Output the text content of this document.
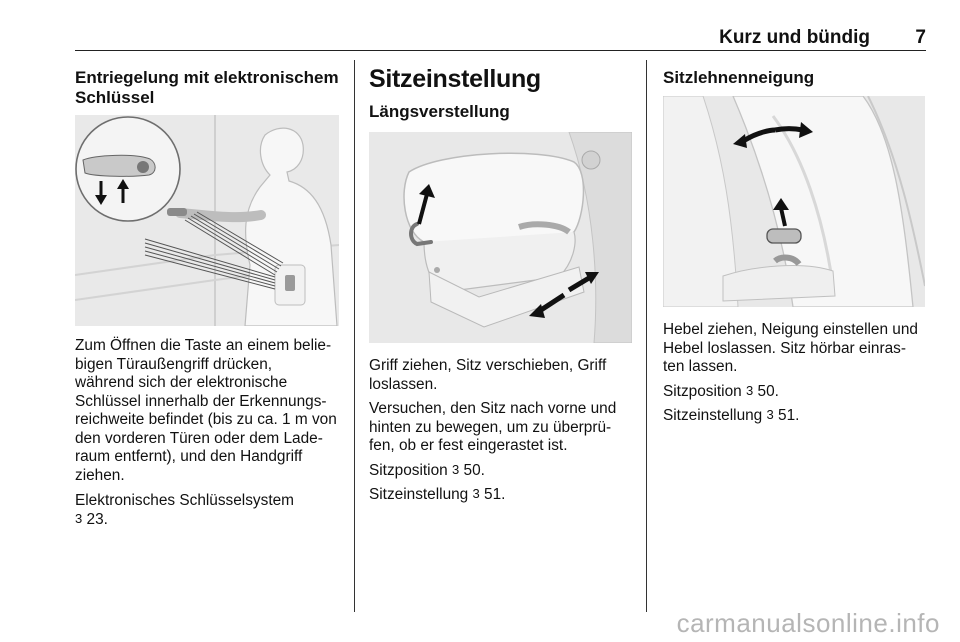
Kurz und bündig	7
Entriegelung mit elektronischem Schlüssel
Zum Öffnen die Taste an einem belie-
bigen Türaußengriff drücken,
während sich der elektronische
Schlüssel innerhalb der Erkennungs-
reichweite befindet (bis zu ca. 1 m von
den vorderen Türen oder dem Lade-
raum entfernt), und den Handgriff
ziehen.
Elektronisches Schlüsselsystem
3 23.
Sitzeinstellung
Längsverstellung
Griff ziehen, Sitz verschieben, Griff
loslassen.
Versuchen, den Sitz nach vorne und
hinten zu bewegen, um zu überprü-
fen, ob er fest eingerastet ist.
Sitzposition 3 50.
Sitzeinstellung 3 51.
Sitzlehnenneigung
Hebel ziehen, Neigung einstellen und
Hebel loslassen. Sitz hörbar einras-
ten lassen.
Sitzposition 3 50.
Sitzeinstellung 3 51.
carmanualsonline.info
